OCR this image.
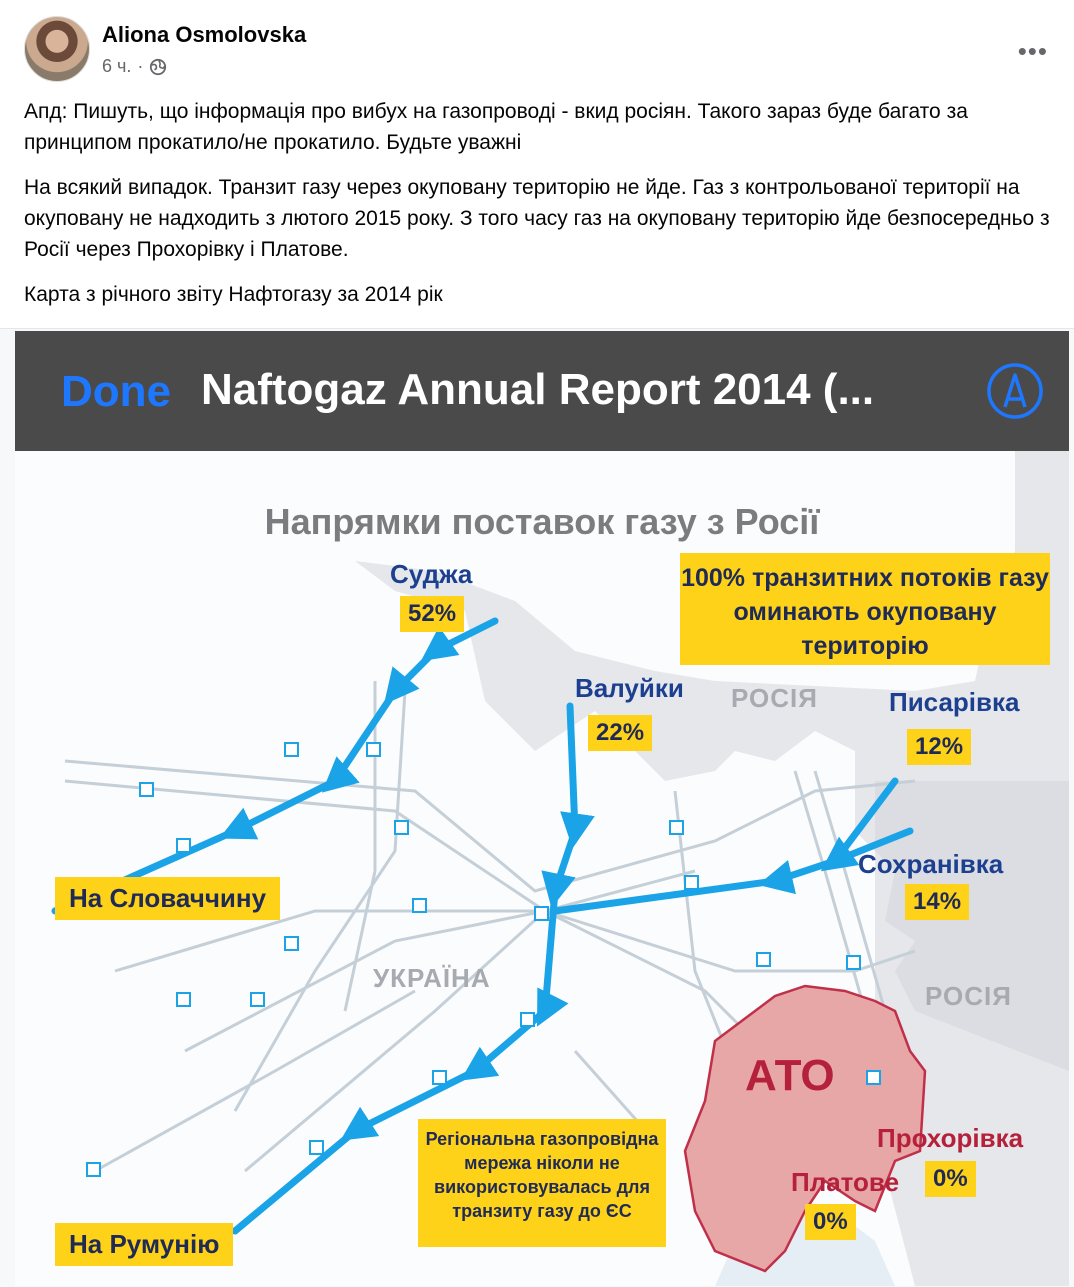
Aliona Osmolovska
6 ч. ·	•••

Апд: Пишуть, що інформація про вибух на газопроводі - вкид росіян. Такого зараз буде багато за принципом прокатило/не прокатило. Будьте уважні

На всякий випадок. Транзит газу через окуповану територію не йде. Газ з контрольованої території на окуповану не надходить з лютого 2015 року. З того часу газ на окуповану територію йде безпосередньо з Росії через Прохорівку і Платове.

Карта з річного звіту Нафтогазу за 2014 рік

Done Naftogaz Annual Report 2014 (...
Напрямки поставок газу з Росії
100% транзитних потоків газу оминають окуповану територію
РОСІЯ
РОСІЯ
УКРАЇНА
АТО
Суджа
52%
Валуйки
22%
Писарівка
12%
Сохранівка
14%
Прохорівка
0%
Платове
0%
На Словаччину
На Румунію
Регіональна газопровідна мережа ніколи не використовувалась для транзиту газу до ЄС
